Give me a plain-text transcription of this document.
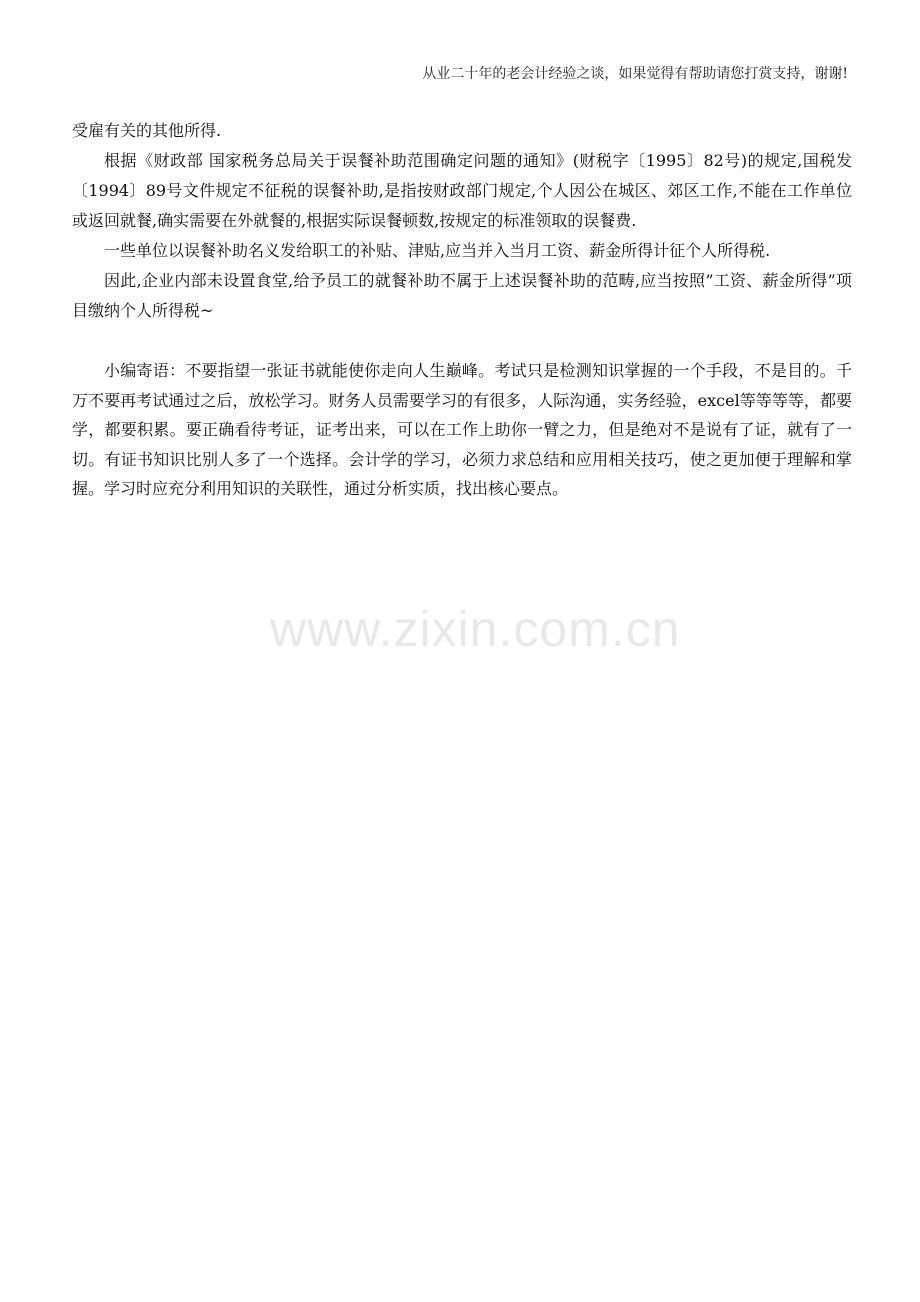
从业二十年的老会计经验之谈，如果觉得有帮助请您打赏支持，谢谢!

受雇有关的其他所得.

根据《财政部 国家税务总局关于误餐补助范围确定问题的通知》(财税字〔1995〕82号)的规定,国税发〔1994〕89号文件规定不征税的误餐补助,是指按财政部门规定,个人因公在城区、郊区工作,不能在工作单位或返回就餐,确实需要在外就餐的,根据实际误餐顿数,按规定的标准领取的误餐费.

一些单位以误餐补助名义发给职工的补贴、津贴,应当并入当月工资、薪金所得计征个人所得税.

因此,企业内部未设置食堂,给予员工的就餐补助不属于上述误餐补助的范畴,应当按照”工资、薪金所得”项目缴纳个人所得税~

小编寄语：不要指望一张证书就能使你走向人生巅峰。考试只是检测知识掌握的一个手段，不是目的。千万不要再考试通过之后，放松学习。财务人员需要学习的有很多，人际沟通，实务经验，excel等等等等，都要学，都要积累。要正确看待考证，证考出来，可以在工作上助你一臂之力，但是绝对不是说有了证，就有了一切。有证书知识比别人多了一个选择。会计学的学习，必须力求总结和应用相关技巧，使之更加便于理解和掌握。学习时应充分利用知识的关联性，通过分析实质，找出核心要点。

www.zixin.com.cn
